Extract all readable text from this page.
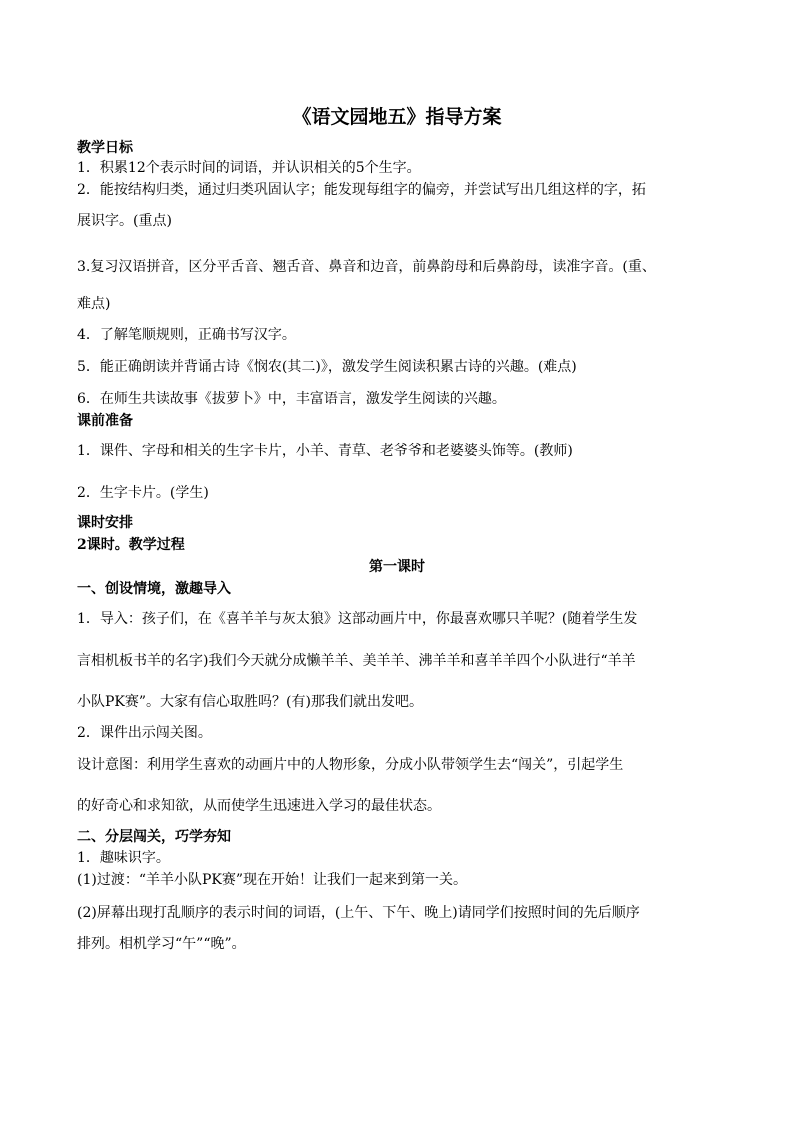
《语文园地五》指导方案
教学日标
1．积累12个表示时间的词语，并认识相关的5个生字。
2．能按结构归类，通过归类巩固认字；能发现每组字的偏旁，并尝试写出几组这样的字，拓
展识字。(重点)
3.复习汉语拼音，区分平舌音、翘舌音、鼻音和边音，前鼻韵母和后鼻韵母，读准字音。(重、
难点)
4．了解笔顺规则，正确书写汉字。
5．能正确朗读并背诵古诗《悯农(其二)》，激发学生阅读积累古诗的兴趣。(难点)
6．在师生共读故事《拔萝卜》中，丰富语言，激发学生阅读的兴趣。
课前准备
1．课件、字母和相关的生字卡片，小羊、青草、老爷爷和老婆婆头饰等。(教师)
2．生字卡片。(学生)
课时安排
2课时。教学过程
第一课时
一、创设情境，激趣导入
1．导入：孩子们，在《喜羊羊与灰太狼》这部动画片中，你最喜欢哪只羊呢？(随着学生发
言相机板书羊的名字)我们今天就分成懒羊羊、美羊羊、沸羊羊和喜羊羊四个小队进行“羊羊
小队PK赛”。大家有信心取胜吗？(有)那我们就出发吧。
2．课件出示闯关图。
设计意图：利用学生喜欢的动画片中的人物形象，分成小队带领学生去“闯关”，引起学生
的好奇心和求知欲，从而使学生迅速进入学习的最佳状态。
二、分层闯关，巧学夯知
1．趣味识字。
(1)过渡：“羊羊小队PK赛”现在开始！让我们一起来到第一关。
(2)屏幕出现打乱顺序的表示时间的词语，(上午、下午、晚上)请同学们按照时间的先后顺序
排列。相机学习“午”“晚”。
